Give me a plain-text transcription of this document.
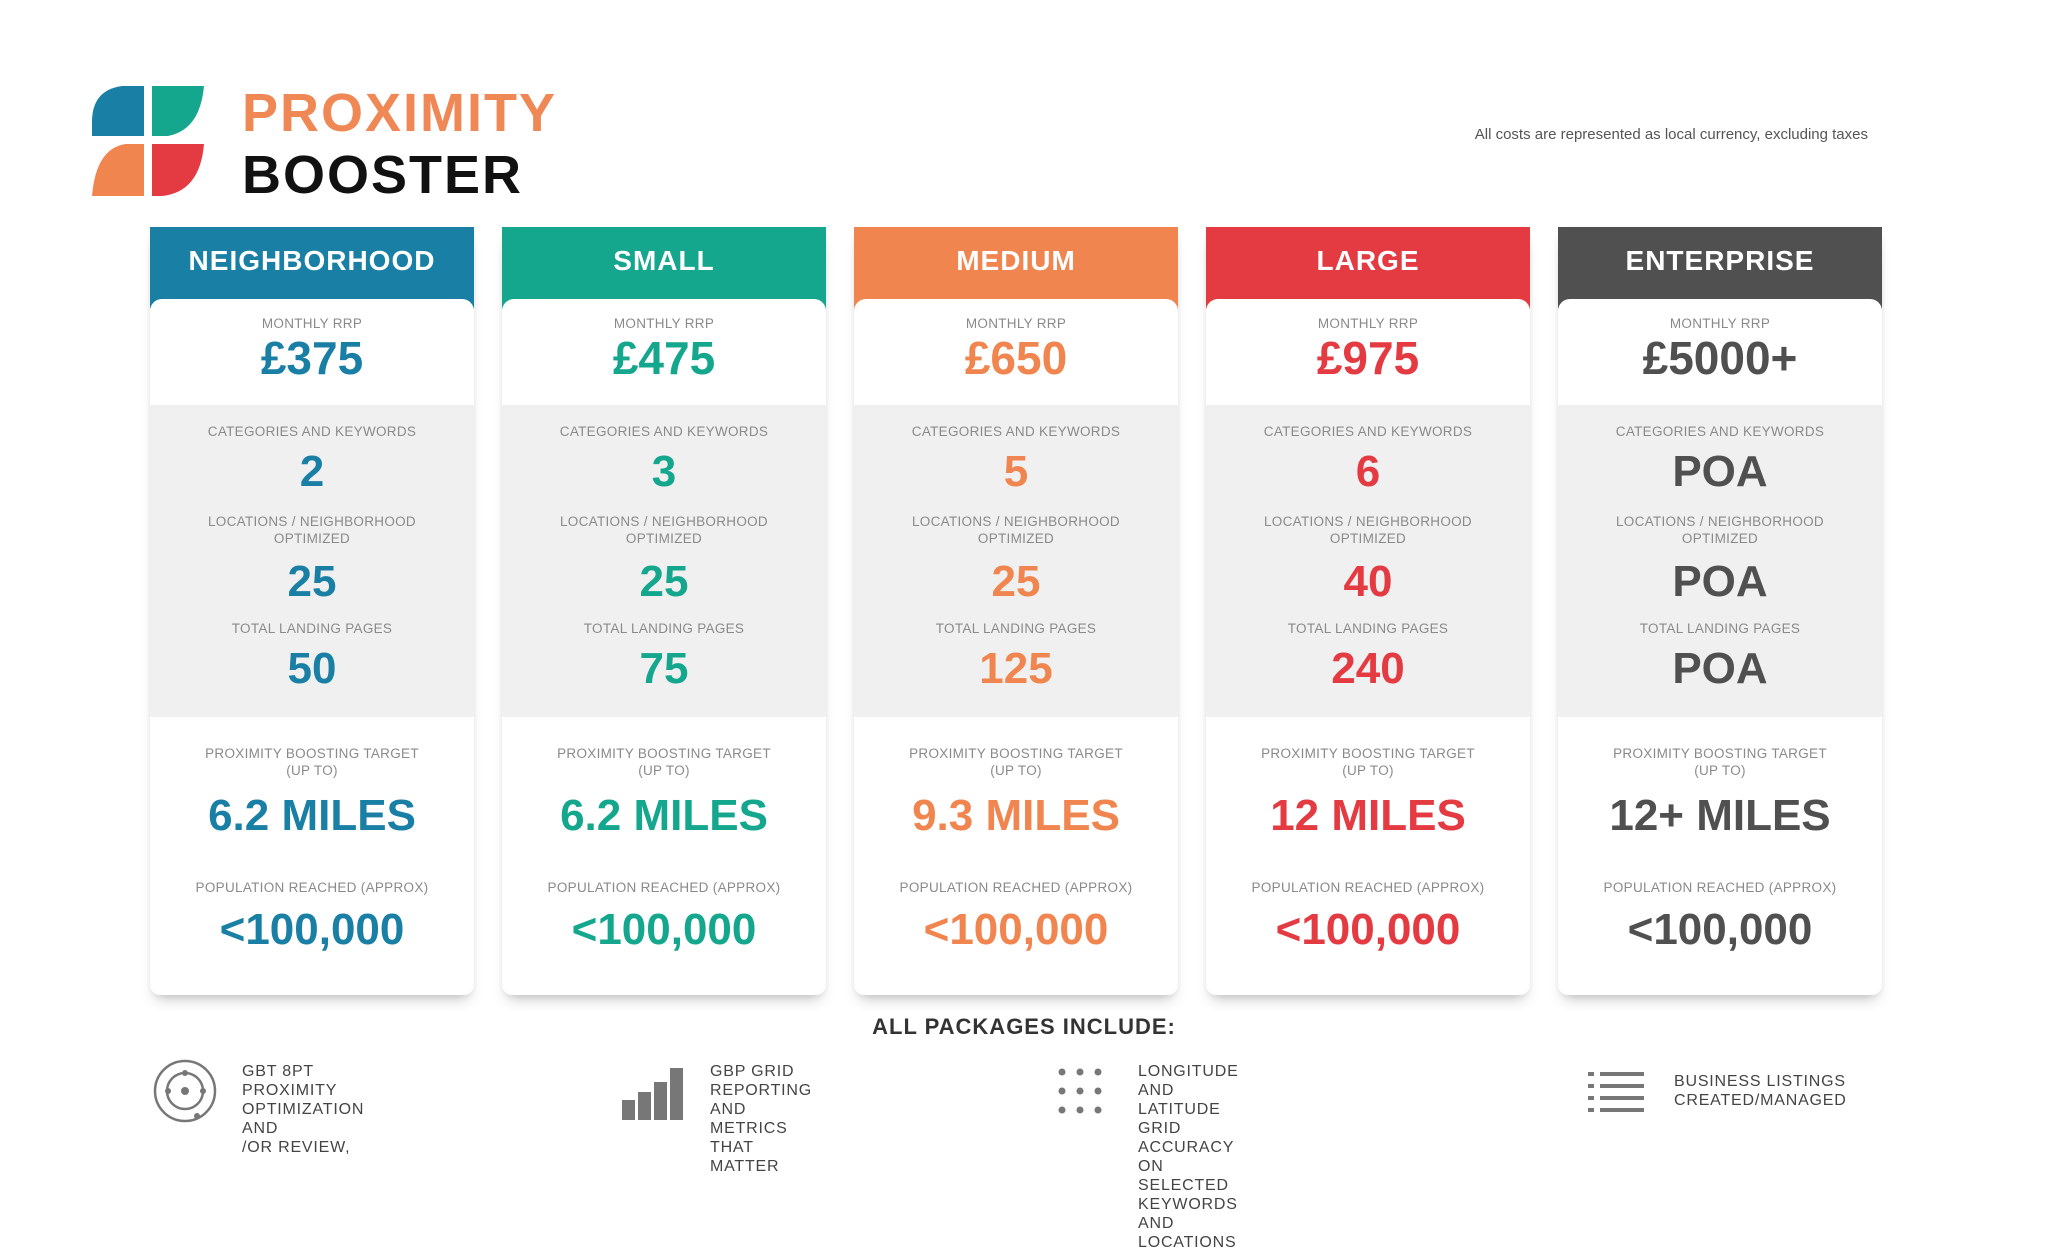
PROXIMITY
BOOSTER
All costs are represented as local currency, excluding taxes
NEIGHBORHOOD
MONTHLY RRP
£375
CATEGORIES AND KEYWORDS
2
LOCATIONS / NEIGHBORHOOD
OPTIMIZED
25
TOTAL LANDING PAGES
50
PROXIMITY BOOSTING TARGET
(UP TO)
6.2 MILES
POPULATION REACHED (APPROX)
<100,000
SMALL
MONTHLY RRP
£475
CATEGORIES AND KEYWORDS
3
LOCATIONS / NEIGHBORHOOD
OPTIMIZED
25
TOTAL LANDING PAGES
75
PROXIMITY BOOSTING TARGET
(UP TO)
6.2 MILES
POPULATION REACHED (APPROX)
<100,000
MEDIUM
MONTHLY RRP
£650
CATEGORIES AND KEYWORDS
5
LOCATIONS / NEIGHBORHOOD
OPTIMIZED
25
TOTAL LANDING PAGES
125
PROXIMITY BOOSTING TARGET
(UP TO)
9.3 MILES
POPULATION REACHED (APPROX)
<100,000
LARGE
MONTHLY RRP
£975
CATEGORIES AND KEYWORDS
6
LOCATIONS / NEIGHBORHOOD
OPTIMIZED
40
TOTAL LANDING PAGES
240
PROXIMITY BOOSTING TARGET
(UP TO)
12 MILES
POPULATION REACHED (APPROX)
<100,000
ENTERPRISE
MONTHLY RRP
£5000+
CATEGORIES AND KEYWORDS
POA
LOCATIONS / NEIGHBORHOOD
OPTIMIZED
POA
TOTAL LANDING PAGES
POA
PROXIMITY BOOSTING TARGET
(UP TO)
12+ MILES
POPULATION REACHED (APPROX)
<100,000
ALL PACKAGES INCLUDE:
GBT 8PT PROXIMITY
OPTIMIZATION AND
/OR REVIEW,
GBP GRID REPORTING
AND METRICS THAT
MATTER
LONGITUDE AND LATITUDE GRID
ACCURACY ON SELECTED KEYWORDS
AND LOCATIONS
BUSINESS LISTINGS
CREATED/MANAGED
